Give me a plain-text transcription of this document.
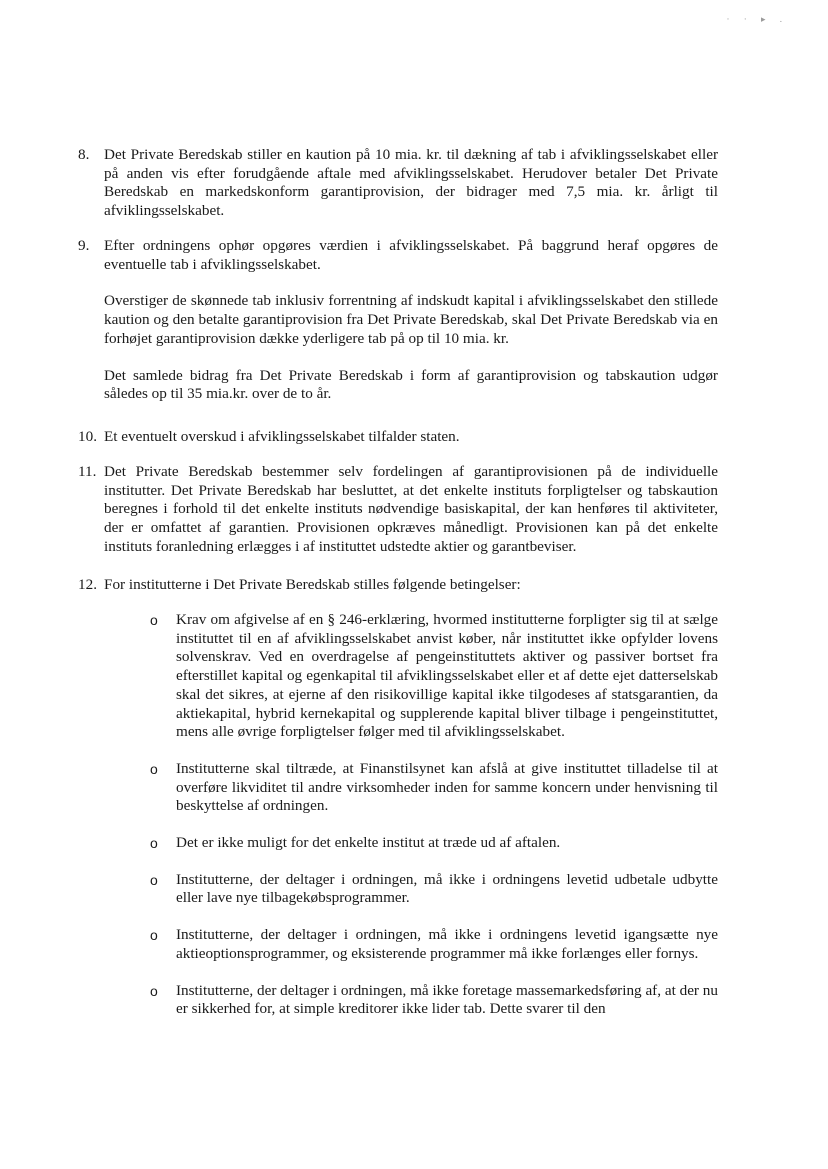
· · ▸ .
8. Det Private Beredskab stiller en kaution på 10 mia. kr. til dækning af tab i afviklingsselskabet eller på anden vis efter forudgående aftale med afviklingsselskabet. Herudover betaler Det Private Beredskab en markedskonform garantiprovision, der bidrager med 7,5 mia. kr. årligt til afviklingsselskabet.

9. Efter ordningens ophør opgøres værdien i afviklingsselskabet. På baggrund heraf opgøres de eventuelle tab i afviklingsselskabet.

Overstiger de skønnede tab inklusiv forrentning af indskudt kapital i afviklingsselskabet den stillede kaution og den betalte garantiprovision fra Det Private Beredskab, skal Det Private Beredskab via en forhøjet garantiprovision dække yderligere tab på op til 10 mia. kr.

Det samlede bidrag fra Det Private Beredskab i form af garantiprovision og tabskaution udgør således op til 35 mia.kr. over de to år.

10. Et eventuelt overskud i afviklingsselskabet tilfalder staten.

11. Det Private Beredskab bestemmer selv fordelingen af garantiprovisionen på de individuelle institutter. Det Private Beredskab har besluttet, at det enkelte instituts forpligtelser og tabskaution beregnes i forhold til det enkelte instituts nødvendige basiskapital, der kan henføres til aktiviteter, der er omfattet af garantien. Provisionen opkræves månedligt. Provisionen kan på det enkelte instituts foranledning erlægges i af instituttet udstedte aktier og garantbeviser.

12. For institutterne i Det Private Beredskab stilles følgende betingelser:

o Krav om afgivelse af en § 246-erklæring, hvormed institutterne forpligter sig til at sælge instituttet til en af afviklingsselskabet anvist køber, når instituttet ikke opfylder lovens solvenskrav. Ved en overdragelse af pengeinstituttets aktiver og passiver bortset fra efterstillet kapital og egenkapital til afviklingsselskabet eller et af dette ejet datterselskab skal det sikres, at ejerne af den risikovillige kapital ikke tilgodeses af statsgarantien, da aktiekapital, hybrid kernekapital og supplerende kapital bliver tilbage i pengeinstituttet, mens alle øvrige forpligtelser følger med til afviklingsselskabet.
o Institutterne skal tiltræde, at Finanstilsynet kan afslå at give instituttet tilladelse til at overføre likviditet til andre virksomheder inden for samme koncern under henvisning til beskyttelse af ordningen.
o Det er ikke muligt for det enkelte institut at træde ud af aftalen.
o Institutterne, der deltager i ordningen, må ikke i ordningens levetid udbetale udbytte eller lave nye tilbagekøbsprogrammer.
o Institutterne, der deltager i ordningen, må ikke i ordningens levetid igangsætte nye aktieoptionsprogrammer, og eksisterende programmer må ikke forlænges eller fornys.
o Institutterne, der deltager i ordningen, må ikke foretage massemarkedsføring af, at der nu er sikkerhed for, at simple kreditorer ikke lider tab. Dette svarer til den
